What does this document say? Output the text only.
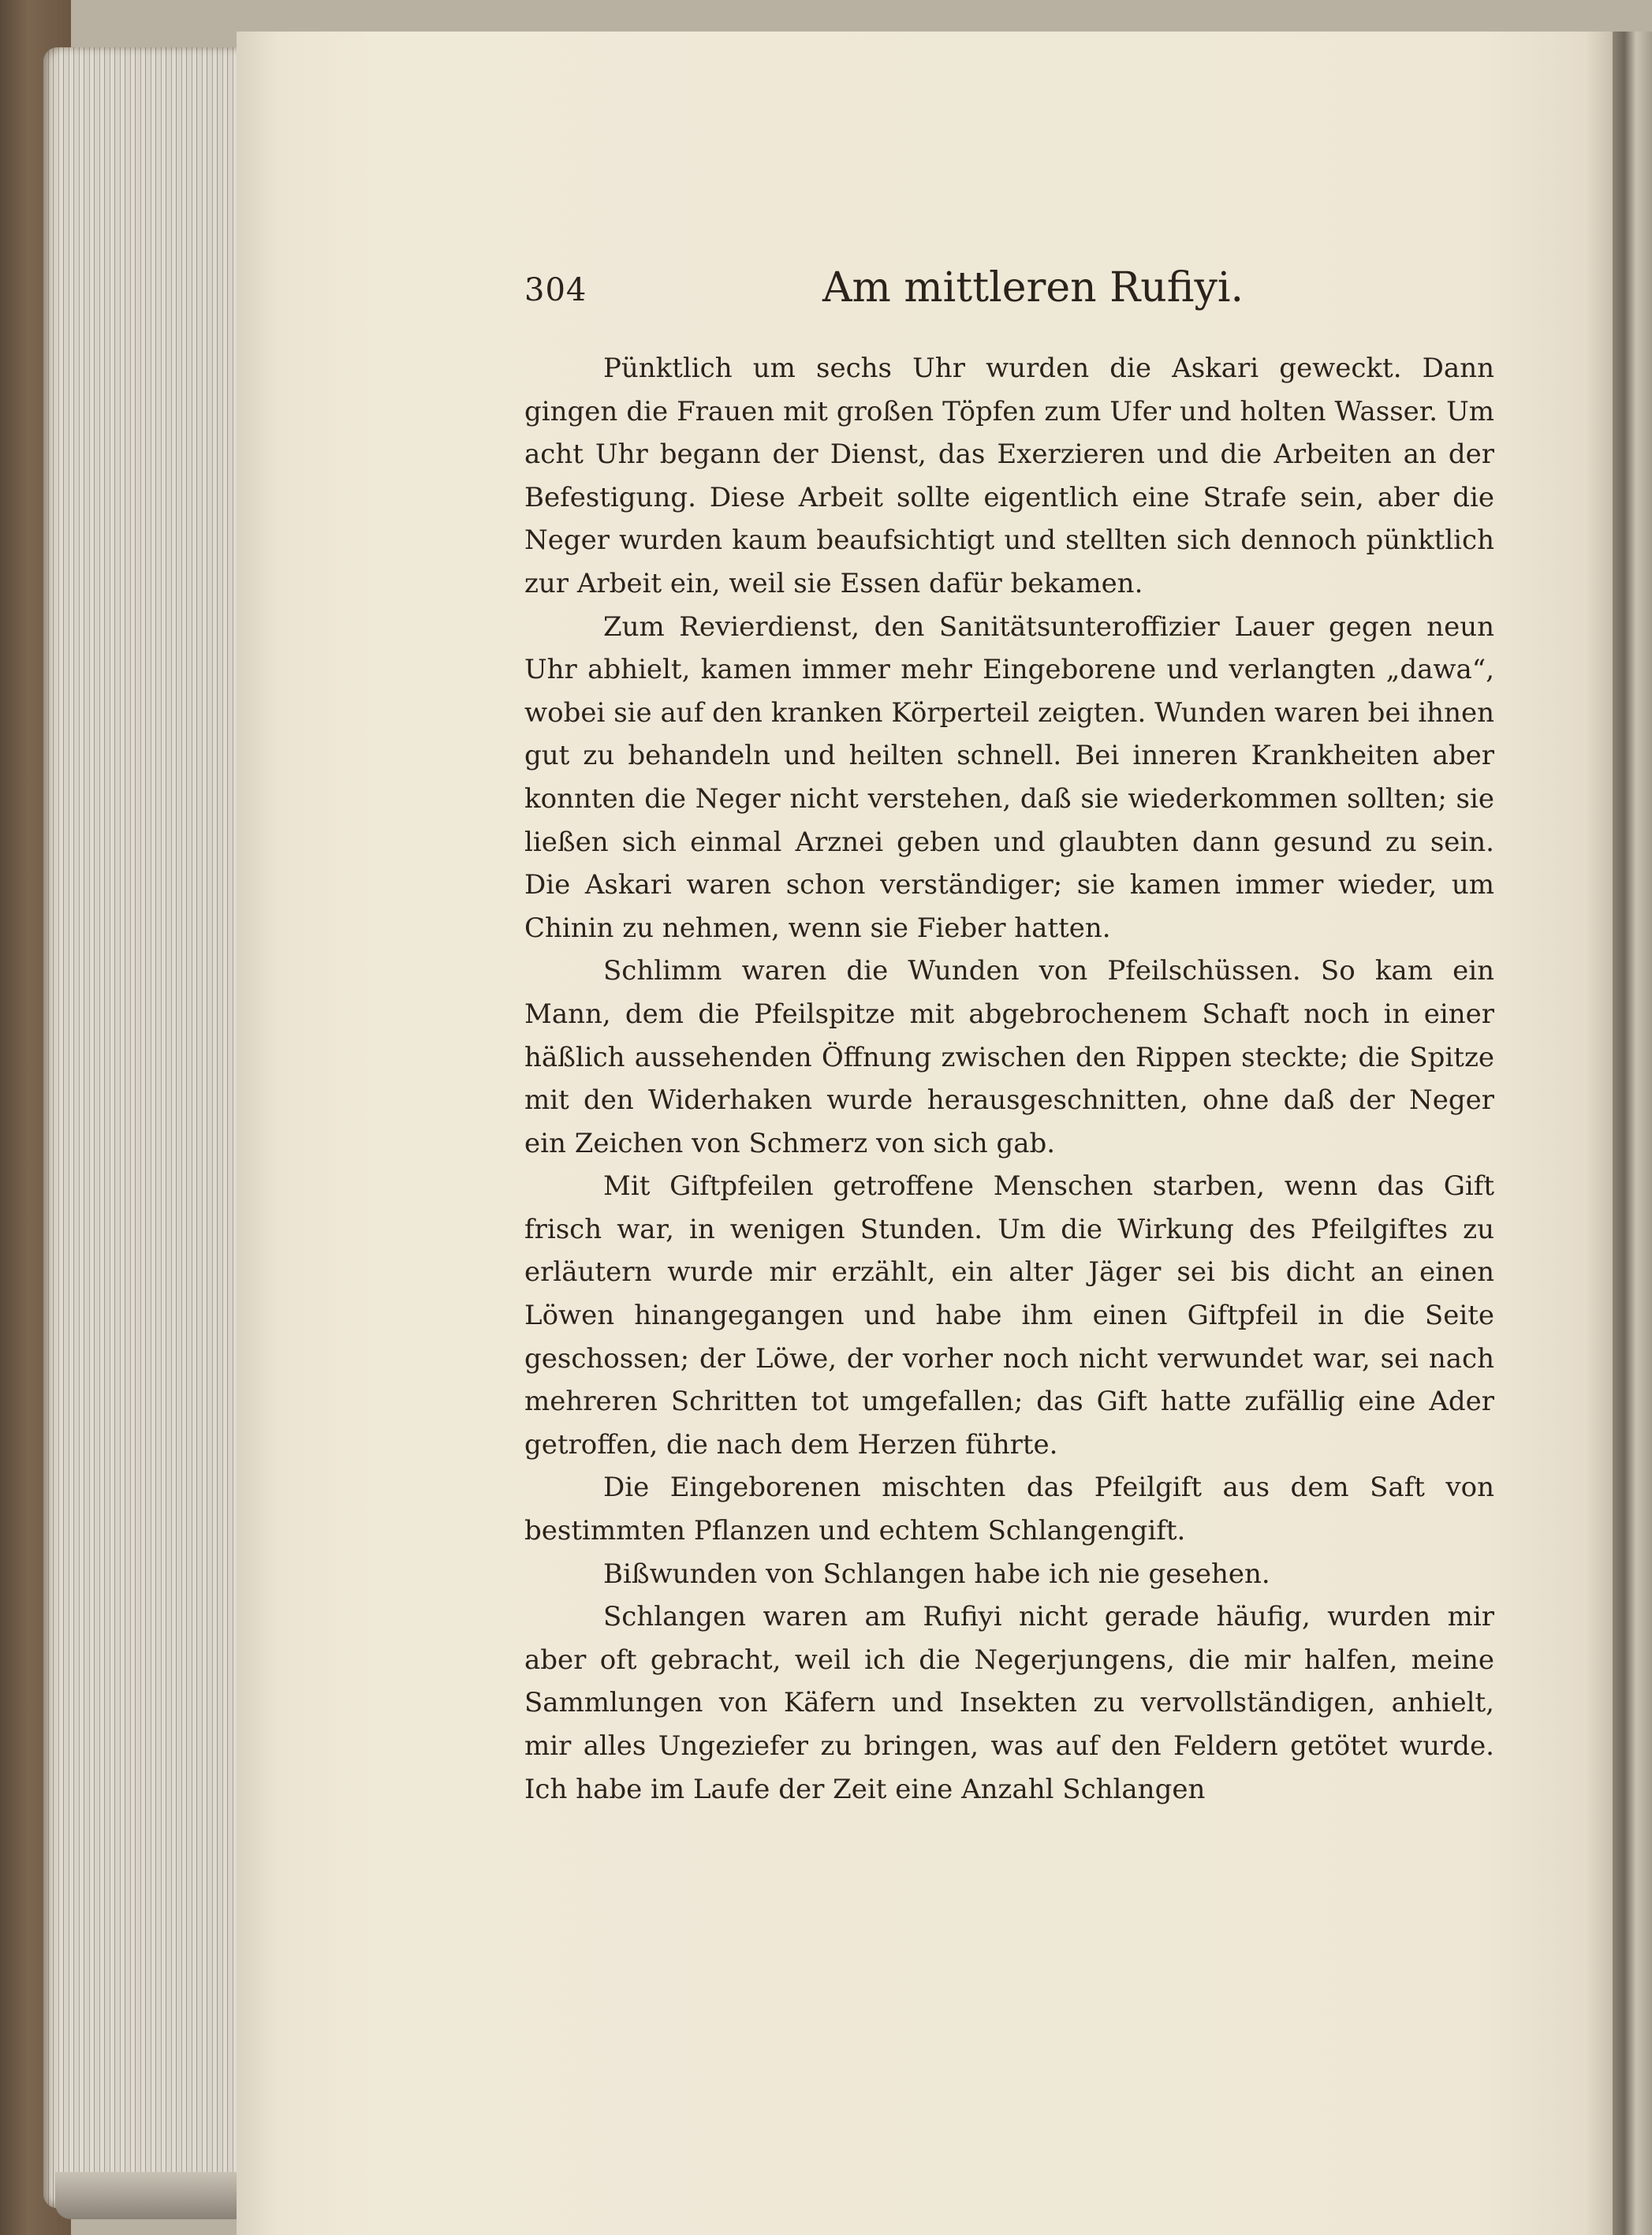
304	Am mittleren Rufiyi.

Pünktlich um sechs Uhr wurden die Askari geweckt. Dann gingen die Frauen mit großen Töpfen zum Ufer und holten Wasser. Um acht Uhr begann der Dienst, das Exerzieren und die Arbeiten an der Befestigung. Diese Arbeit sollte eigentlich eine Strafe sein, aber die Neger wurden kaum beaufsichtigt und stellten sich dennoch pünktlich zur Arbeit ein, weil sie Essen dafür bekamen.

Zum Revierdienst, den Sanitätsunteroffizier Lauer gegen neun Uhr abhielt, kamen immer mehr Eingeborene und verlangten „dawa“, wobei sie auf den kranken Körperteil zeigten. Wunden waren bei ihnen gut zu behandeln und heilten schnell. Bei inneren Krankheiten aber konnten die Neger nicht verstehen, daß sie wiederkommen sollten; sie ließen sich einmal Arznei geben und glaubten dann gesund zu sein. Die Askari waren schon verständiger; sie kamen immer wieder, um Chinin zu nehmen, wenn sie Fieber hatten.

Schlimm waren die Wunden von Pfeilschüssen. So kam ein Mann, dem die Pfeilspitze mit abgebrochenem Schaft noch in einer häßlich aussehenden Öffnung zwischen den Rippen steckte; die Spitze mit den Widerhaken wurde herausgeschnitten, ohne daß der Neger ein Zeichen von Schmerz von sich gab.

Mit Giftpfeilen getroffene Menschen starben, wenn das Gift frisch war, in wenigen Stunden. Um die Wirkung des Pfeilgiftes zu erläutern wurde mir erzählt, ein alter Jäger sei bis dicht an einen Löwen hinangegangen und habe ihm einen Giftpfeil in die Seite geschossen; der Löwe, der vorher noch nicht verwundet war, sei nach mehreren Schritten tot umgefallen; das Gift hatte zufällig eine Ader getroffen, die nach dem Herzen führte.

Die Eingeborenen mischten das Pfeilgift aus dem Saft von bestimmten Pflanzen und echtem Schlangengift.

Bißwunden von Schlangen habe ich nie gesehen.

Schlangen waren am Rufiyi nicht gerade häufig, wurden mir aber oft gebracht, weil ich die Negerjungens, die mir halfen, meine Sammlungen von Käfern und Insekten zu vervollständigen, anhielt, mir alles Ungeziefer zu bringen, was auf den Feldern getötet wurde. Ich habe im Laufe der Zeit eine Anzahl Schlangen
